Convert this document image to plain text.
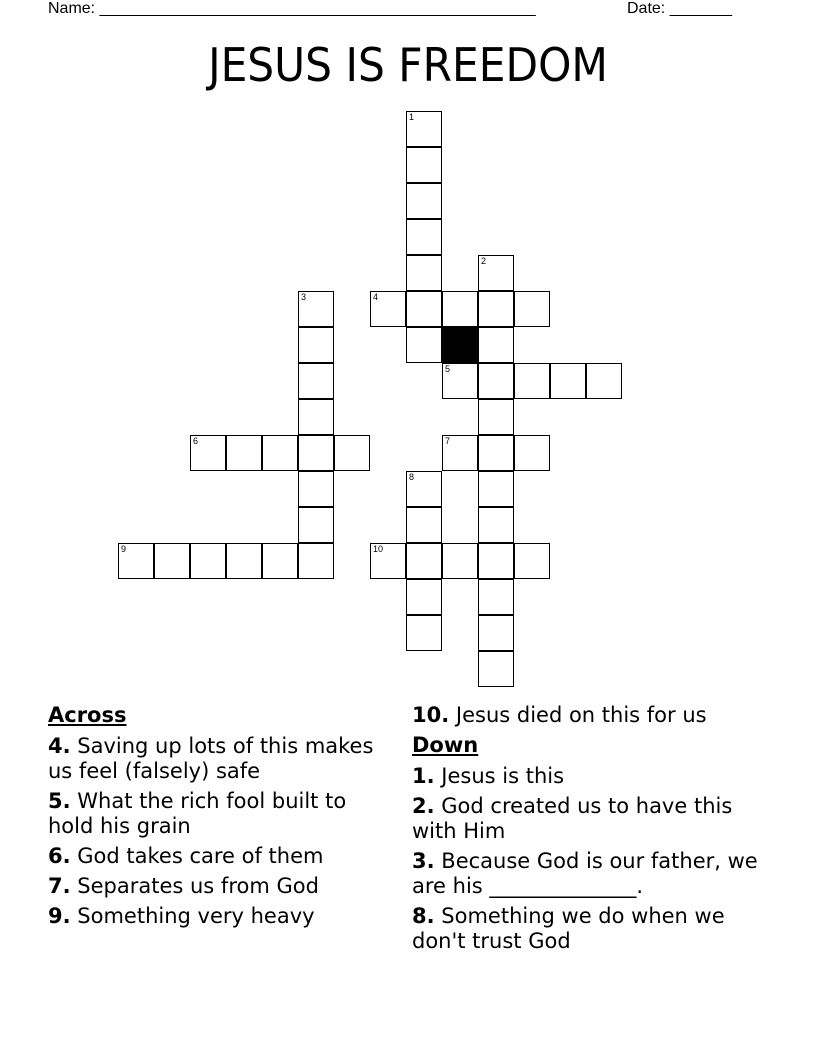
Name: _________________________________________________	Date: _______
JESUS IS FREEDOM
1
2
3	4
5
6	7
8
9	10
Across
4. Saving up lots of this makes us feel (falsely) safe
5. What the rich fool built to hold his grain
6. God takes care of them
7. Separates us from God
9. Something very heavy
10. Jesus died on this for us
Down
1. Jesus is this
2. God created us to have this with Him
3. Because God is our father, we are his ______________.
8. Something we do when we don't trust God
